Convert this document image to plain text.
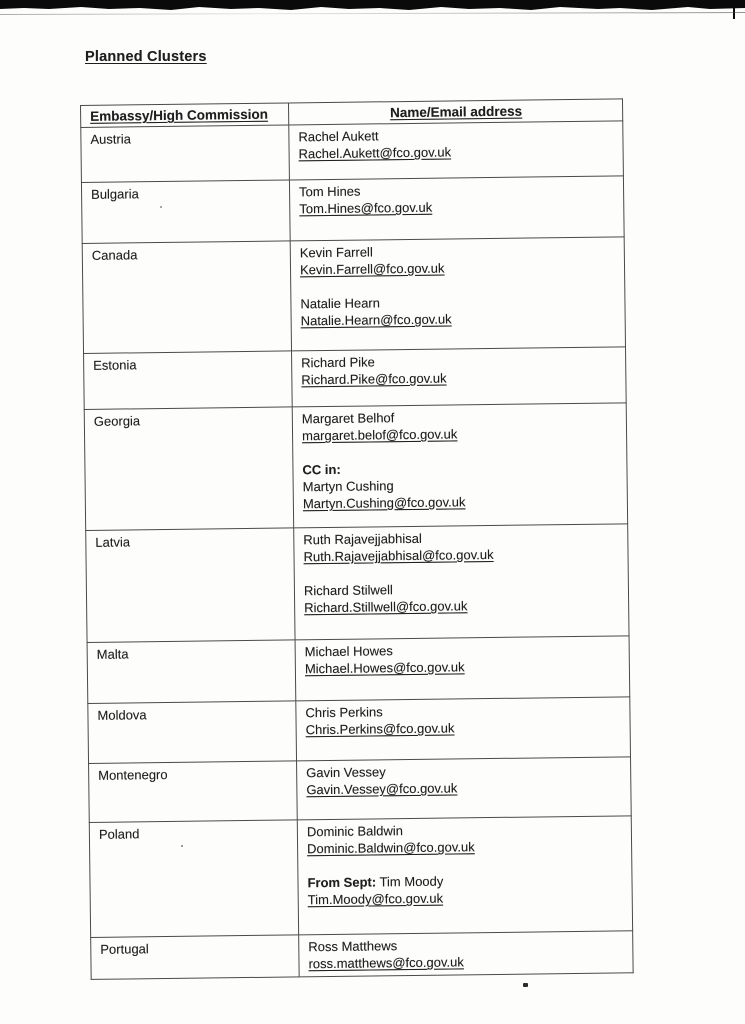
Planned Clusters
Embassy/High Commission	Name/Email address
Austria	Rachel Aukett
Rachel.Aukett@fco.gov.uk

Bulgaria	Tom Hines
Tom.Hines@fco.gov.uk

Canada	Kevin Farrell
Kevin.Farrell@fco.gov.uk
Natalie Hearn
Natalie.Hearn@fco.gov.uk

Estonia	Richard Pike
Richard.Pike@fco.gov.uk

Georgia	Margaret Belhof
margaret.belof@fco.gov.uk
CC in:
Martyn Cushing
Martyn.Cushing@fco.gov.uk

Latvia	Ruth Rajavejjabhisal
Ruth.Rajavejjabhisal@fco.gov.uk
Richard Stilwell
Richard.Stillwell@fco.gov.uk

Malta	Michael Howes
Michael.Howes@fco.gov.uk

Moldova	Chris Perkins
Chris.Perkins@fco.gov.uk

Montenegro	Gavin Vessey
Gavin.Vessey@fco.gov.uk

Poland	Dominic Baldwin
Dominic.Baldwin@fco.gov.uk
From Sept: Tim Moody
Tim.Moody@fco.gov.uk

Portugal	Ross Matthews
ross.matthews@fco.gov.uk
